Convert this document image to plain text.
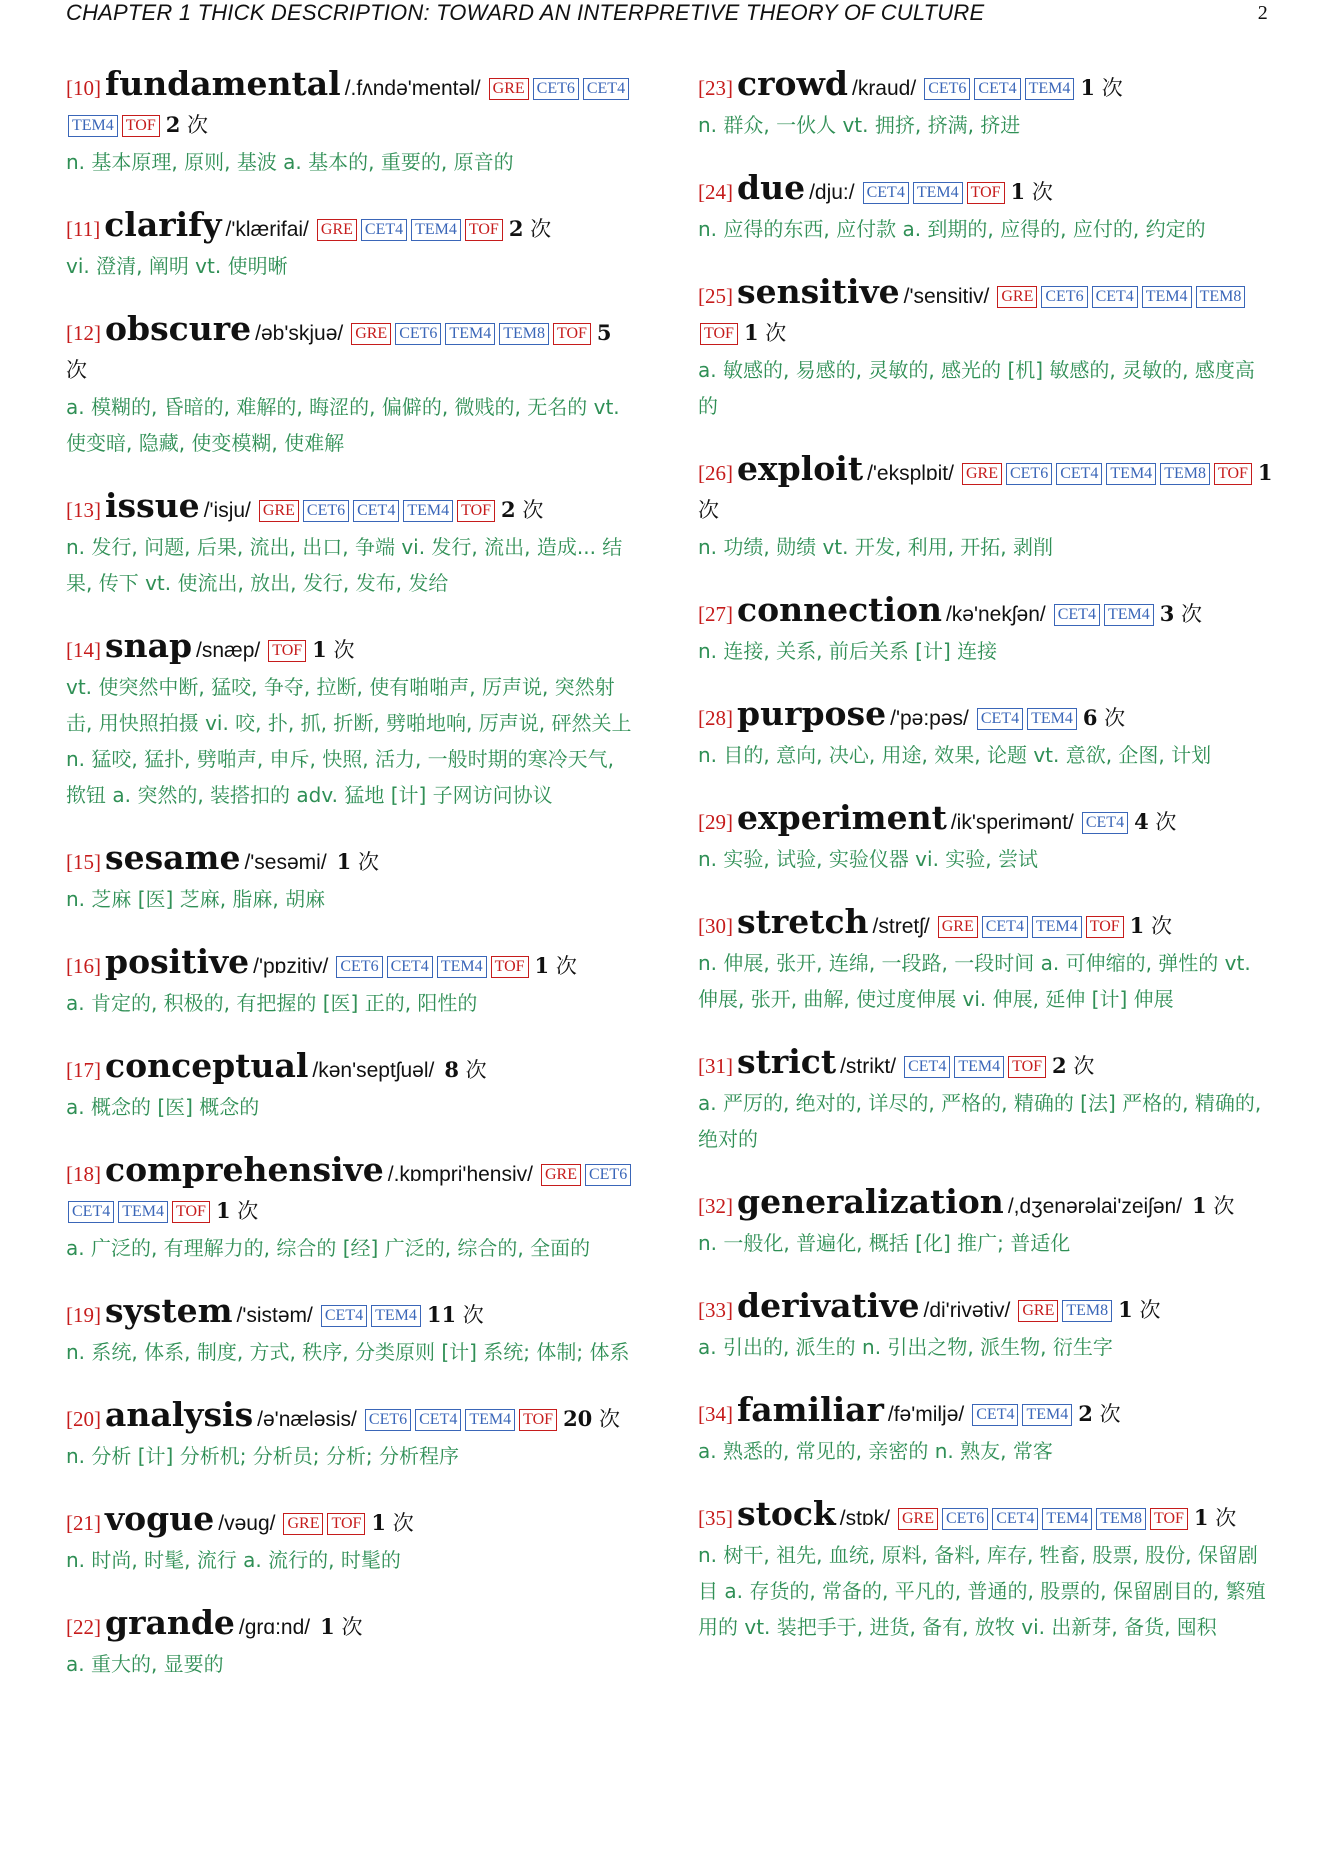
CHAPTER 1 THICK DESCRIPTION: TOWARD AN INTERPRETIVE THEORY OF CULTURE	2
[10] fundamental /.fʌndə'mentəl/ GRE CET6 CET4TEM4 TOF 2 次
n. 基本原理, 原则, 基波 a. 基本的, 重要的, 原音的
[11] clarify /'klærifai/ GRE CET4 TEM4 TOF 2 次
vi. 澄清, 阐明 vt. 使明晰
[12] obscure /əb'skjuə/ GRE CET6 TEM4 TEM8 TOF 5 次
a. 模糊的, 昏暗的, 难解的, 晦涩的, 偏僻的, 微贱的, 无名的 vt. 使变暗, 隐藏, 使变模糊, 使难解
[13] issue /'isju/ GRE CET6 CET4 TEM4 TOF 2 次
n. 发行, 问题, 后果, 流出, 出口, 争端 vi. 发行, 流出, 造成... 结果, 传下 vt. 使流出, 放出, 发行, 发布, 发给
[14] snap /snæp/ TOF 1 次
vt. 使突然中断, 猛咬, 争夺, 拉断, 使有啪啪声, 厉声说, 突然射击, 用快照拍摄 vi. 咬, 扑, 抓, 折断, 劈啪地响, 厉声说, 砰然关上 n. 猛咬, 猛扑, 劈啪声, 申斥, 快照, 活力, 一般时期的寒冷天气, 揿钮 a. 突然的, 装搭扣的 adv. 猛地 [计] 子网访问协议
[15] sesame /'sesəmi/ 1 次
n. 芝麻 [医] 芝麻, 脂麻, 胡麻
[16] positive /'pɒzitiv/ CET6 CET4 TEM4 TOF 1 次
a. 肯定的, 积极的, 有把握的 [医] 正的, 阳性的
[17] conceptual /kən'septʃuəl/ 8 次
a. 概念的 [医] 概念的
[18] comprehensive /.kɒmpri'hensiv/ GRE CET6CET4 TEM4 TOF 1 次
a. 广泛的, 有理解力的, 综合的 [经] 广泛的, 综合的, 全面的
[19] system /'sistəm/ CET4 TEM4 11 次
n. 系统, 体系, 制度, 方式, 秩序, 分类原则 [计] 系统; 体制; 体系
[20] analysis /ə'næləsis/ CET6 CET4 TEM4 TOF 20 次
n. 分析 [计] 分析机; 分析员; 分析; 分析程序
[21] vogue /vəug/ GRE TOF 1 次
n. 时尚, 时髦, 流行 a. 流行的, 时髦的
[22] grande /grɑ:nd/ 1 次
a. 重大的, 显要的
[23] crowd /kraud/ CET6 CET4 TEM4 1 次
n. 群众, 一伙人 vt. 拥挤, 挤满, 挤进
[24] due /dju:/ CET4 TEM4 TOF 1 次
n. 应得的东西, 应付款 a. 到期的, 应得的, 应付的, 约定的
[25] sensitive /'sensitiv/ GRE CET6 CET4 TEM4 TEM8TOF 1 次
a. 敏感的, 易感的, 灵敏的, 感光的 [机] 敏感的, 灵敏的, 感度高的
[26] exploit /'eksplɒit/ GRE CET6 CET4 TEM4 TEM8 TOF 1 次
n. 功绩, 勋绩 vt. 开发, 利用, 开拓, 剥削
[27] connection /kə'nekʃən/ CET4 TEM4 3 次
n. 连接, 关系, 前后关系 [计] 连接
[28] purpose /'pə:pəs/ CET4 TEM4 6 次
n. 目的, 意向, 决心, 用途, 效果, 论题 vt. 意欲, 企图, 计划
[29] experiment /ik'sperimənt/ CET4 4 次
n. 实验, 试验, 实验仪器 vi. 实验, 尝试
[30] stretch /stretʃ/ GRE CET4 TEM4 TOF 1 次
n. 伸展, 张开, 连绵, 一段路, 一段时间 a. 可伸缩的, 弹性的 vt. 伸展, 张开, 曲解, 使过度伸展 vi. 伸展, 延伸 [计] 伸展
[31] strict /strikt/ CET4 TEM4 TOF 2 次
a. 严厉的, 绝对的, 详尽的, 严格的, 精确的 [法] 严格的, 精确的, 绝对的
[32] generalization /,dʒenərəlai'zeiʃən/ 1 次
n. 一般化, 普遍化, 概括 [化] 推广; 普适化
[33] derivative /di'rivətiv/ GRE TEM8 1 次
a. 引出的, 派生的 n. 引出之物, 派生物, 衍生字
[34] familiar /fə'miljə/ CET4 TEM4 2 次
a. 熟悉的, 常见的, 亲密的 n. 熟友, 常客
[35] stock /stɒk/ GRE CET6 CET4 TEM4 TEM8 TOF 1 次
n. 树干, 祖先, 血统, 原料, 备料, 库存, 牲畜, 股票, 股份, 保留剧目 a. 存货的, 常备的, 平凡的, 普通的, 股票的, 保留剧目的, 繁殖用的 vt. 装把手于, 进货, 备有, 放牧 vi. 出新芽, 备货, 囤积
